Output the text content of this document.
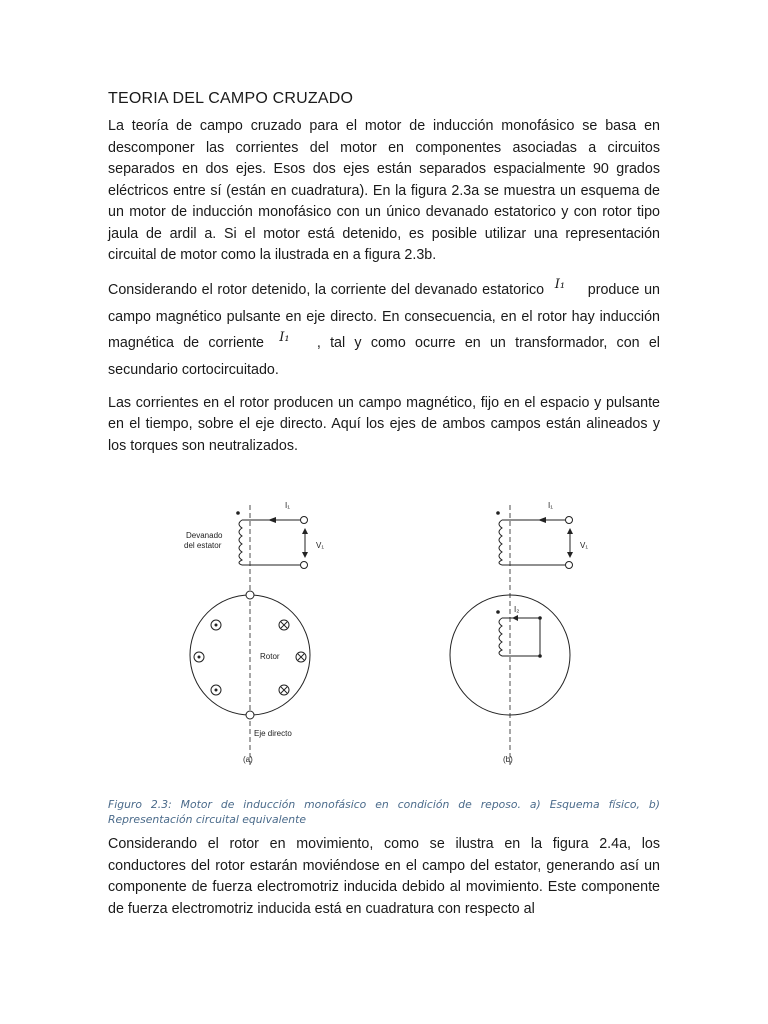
TEORIA DEL CAMPO CRUZADO

La teoría de campo cruzado para el motor de inducción monofásico se basa en descomponer las corrientes del motor en componentes asociadas a circuitos separados en dos ejes. Esos dos ejes están separados espacialmente 90 grados eléctricos entre sí (están en cuadratura). En la figura 2.3a se muestra un esquema de un motor de inducción monofásico con un único devanado estatorico y con rotor tipo jaula de ardil a. Si el motor está detenido, es posible utilizar una representación circuital de motor como la ilustrada en a figura 2.3b.

Considerando el rotor detenido, la corriente del devanado estatorico I₁ produce un campo magnético pulsante en eje directo. En consecuencia, en el rotor hay inducción magnética de corriente I₁ , tal y como ocurre en un transformador, con el secundario cortocircuitado.

Las corrientes en el rotor producen un campo magnético, fijo en el espacio y pulsante en el tiempo, sobre el eje directo. Aquí los ejes de ambos campos están alineados y los torques son neutralizados.

I₁
V₁
Devanado
del estator
Rotor
Eje directo
(a)
I₁
V₁
I₂
(b)
Figuro 2.3: Motor de inducción monofásico en condición de reposo. a) Esquema físico, b) Representación circuital equivalente

Considerando el rotor en movimiento, como se ilustra en la figura 2.4a, los conductores del rotor estarán moviéndose en el campo del estator, generando así un componente de fuerza electromotriz inducida debido al movimiento. Este componente de fuerza electromotriz inducida está en cuadratura con respecto al
